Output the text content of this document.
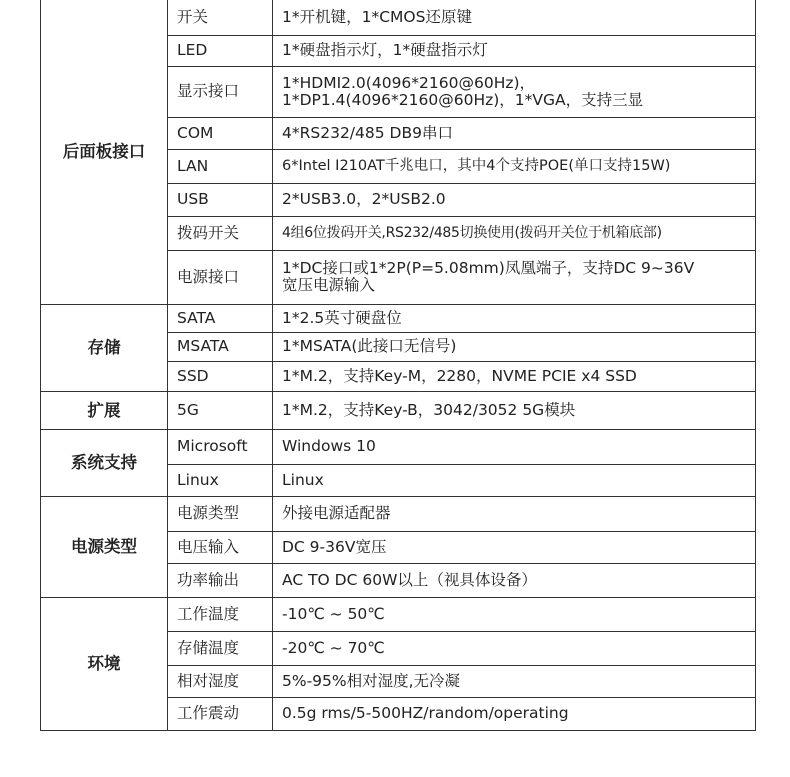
后面板接口	开关	1*开机键，1*CMOS还原键
	LED	1*硬盘指示灯，1*硬盘指示灯
	显示接口	1*HDMI2.0(4096*2160@60Hz)，
1*DP1.4(4096*2160@60Hz)，1*VGA，支持三显
	COM	4*RS232/485 DB9串口
	LAN	6*Intel I210AT千兆电口，其中4个支持POE(单口支持15W)
	USB	2*USB3.0，2*USB2.0
	拨码开关	4组6位拨码开关,RS232/485切换使用(拨码开关位于机箱底部)
	电源接口	1*DC接口或1*2P(P=5.08mm)凤凰端子，支持DC 9~36V
宽压电源输入
存储	SATA	1*2.5英寸硬盘位
	MSATA	1*MSATA(此接口无信号)
	SSD	1*M.2，支持Key-M，2280，NVME PCIE x4 SSD
扩展	5G	1*M.2，支持Key-B，3042/3052 5G模块
系统支持	Microsoft	Windows 10
	Linux	Linux
电源类型	电源类型	外接电源适配器
	电压输入	DC 9-36V宽压
	功率输出	AC TO DC 60W以上（视具体设备）
环境	工作温度	-10℃ ~ 50℃
	存储温度	-20℃ ~ 70℃
	相对湿度	5%-95%相对湿度,无冷凝
	工作震动	0.5g rms/5-500HZ/random/operating
